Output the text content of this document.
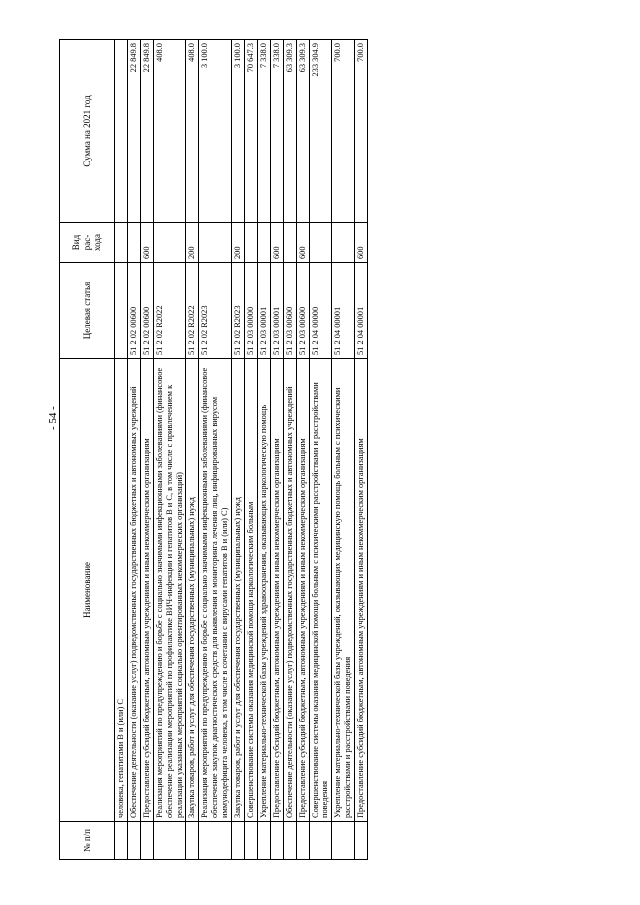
- 54 -
№ п/п	Наименование	Целевая статья	Вид рас- хода	Сумма на 2021 год
	человека, гепатитами В и (или) С			
	Обеспечение деятельности (оказание услуг) подведомственных государственных бюджетных и автономных учреждений	51 2 02 00600		22 849.8
	Предоставление субсидий бюджетным, автономным учреждениям и иным некоммерческим организациям	51 2 02 00600	600	22 849.8
	Реализация мероприятий по предупреждению и борьбе с социально значимыми инфекционными заболеваниями (финансовое обеспечение реализации мероприятий по профилактике ВИЧ-инфекции и гепатитов В и С, в том числе с привлечением к реализации указанных мероприятий социально ориентированных некоммерческих организаций)	51 2 02 R2022		408.0
	Закупка товаров, работ и услуг для обеспечения государственных (муниципальных) нужд	51 2 02 R2022	200	408.0
	Реализация мероприятий по предупреждению и борьбе с социально значимыми инфекционными заболеваниями (финансовое обеспечение закупок диагностических средств для выявления и мониторинга лечения лиц, инфицированных вирусом иммунодефицита человека, в том числе в сочетании с вирусами гепатитов В и (или) С)	51 2 02 R2023		3 100.0
	Закупка товаров, работ и услуг для обеспечения государственных (муниципальных) нужд	51 2 02 R2023	200	3 100.0
	Совершенствование системы оказания медицинской помощи наркологическим больным	51 2 03 00000		70 647.3
	Укрепление материально-технической базы учреждений здравоохранения, оказывающих наркологическую помощь	51 2 03 00001		7 338.0
	Предоставление субсидий бюджетным, автономным учреждениям и иным некоммерческим организациям	51 2 03 00001	600	7 338.0
	Обеспечение деятельности (оказание услуг) подведомственных государственных бюджетных и автономных учреждений	51 2 03 00600		63 309.3
	Предоставление субсидий бюджетным, автономным учреждениям и иным некоммерческим организациям	51 2 03 00600	600	63 309.3
	Совершенствование системы оказания медицинской помощи больным с психическими расстройствами и расстройствами поведения	51 2 04 00000		233 304.9
	Укрепление материально-технической базы учреждений, оказывающих медицинскую помощь больным с психическими расстройствами и расстройствами поведения	51 2 04 00001		700.0
	Предоставление субсидий бюджетным, автономным учреждениям и иным некоммерческим организациям	51 2 04 00001	600	700.0
